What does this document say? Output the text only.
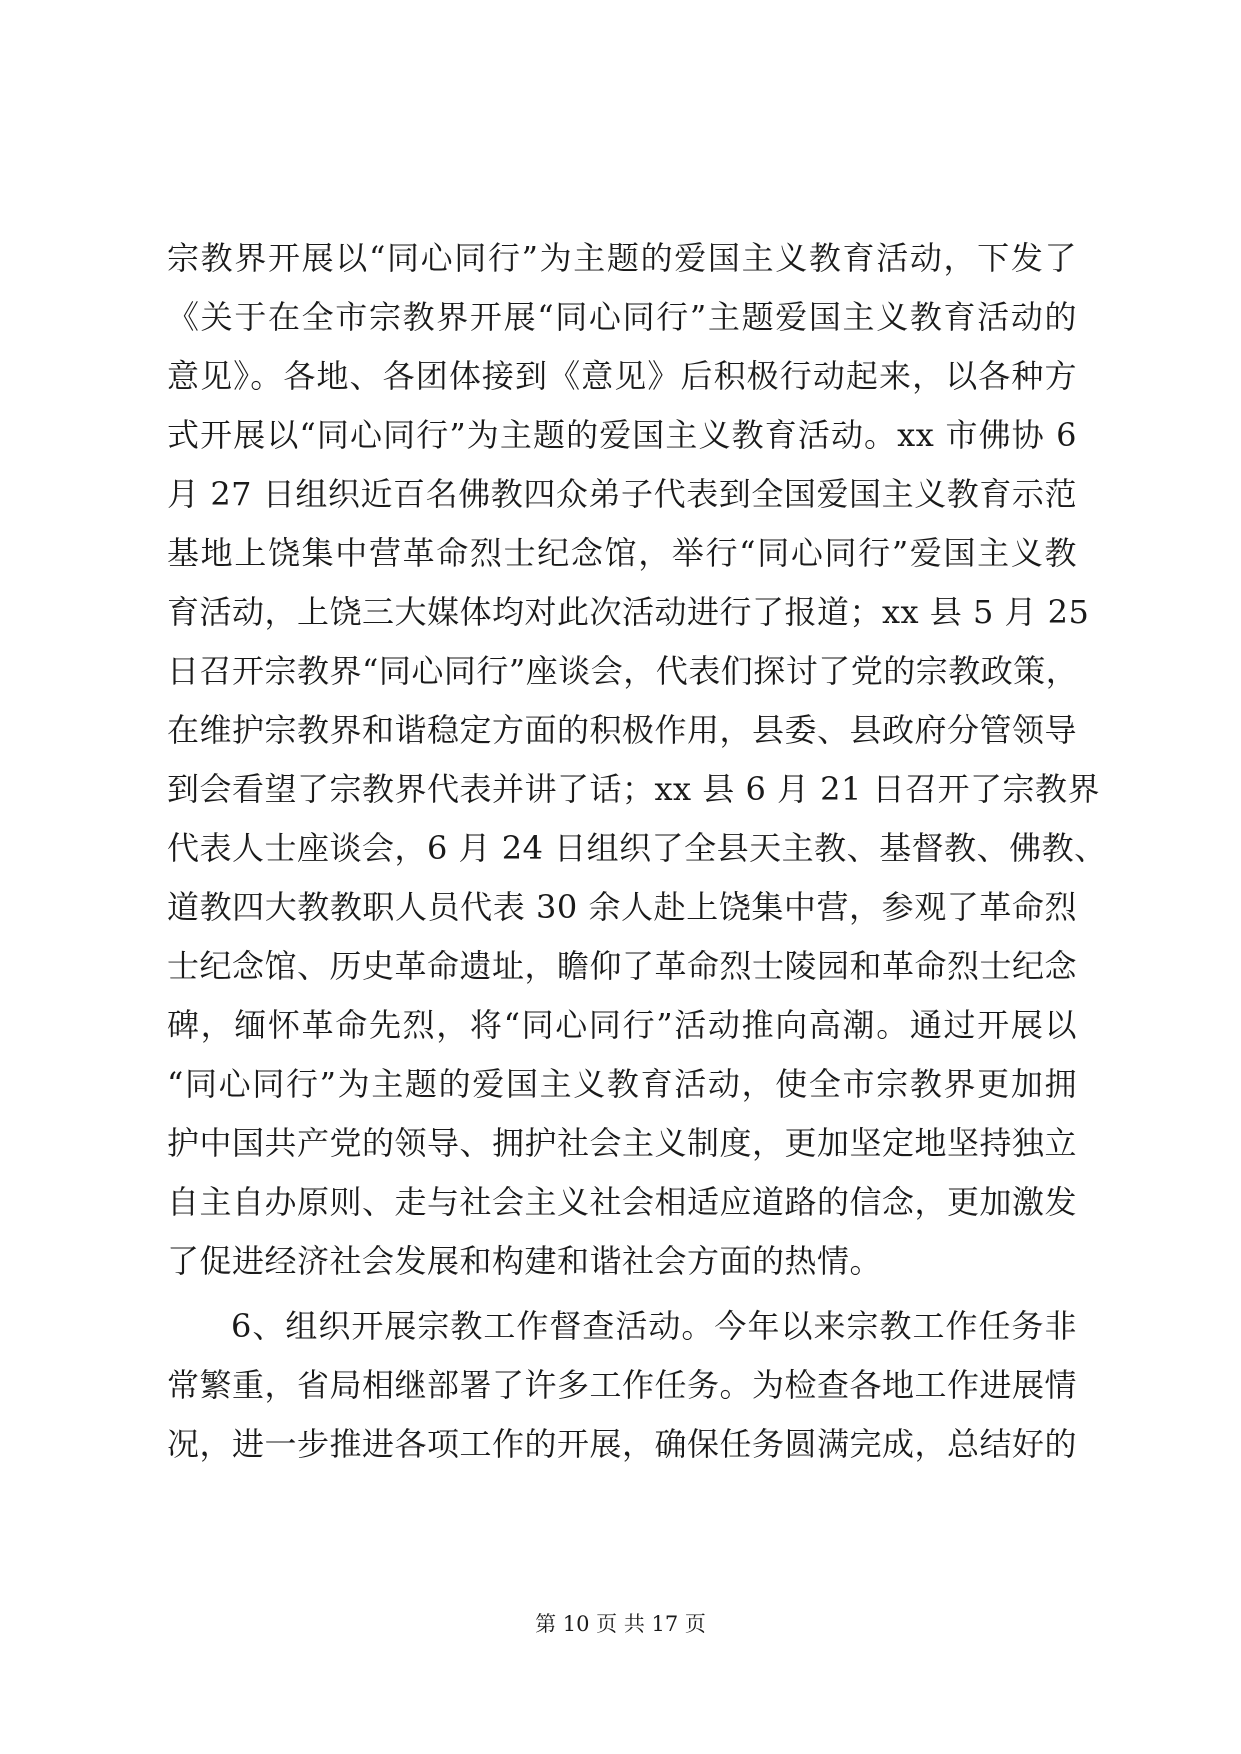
宗教界开展以“同心同行”为主题的爱国主义教育活动，下发了
《关于在全市宗教界开展“同心同行”主题爱国主义教育活动的
意见》。各地、各团体接到《意见》后积极行动起来，以各种方
式开展以“同心同行”为主题的爱国主义教育活动。xx 市佛协 6
月 27 日组织近百名佛教四众弟子代表到全国爱国主义教育示范
基地上饶集中营革命烈士纪念馆，举行“同心同行”爱国主义教
育活动，上饶三大媒体均对此次活动进行了报道；xx 县 5 月 25
日召开宗教界“同心同行”座谈会，代表们探讨了党的宗教政策，
在维护宗教界和谐稳定方面的积极作用，县委、县政府分管领导
到会看望了宗教界代表并讲了话；xx 县 6 月 21 日召开了宗教界
代表人士座谈会，6 月 24 日组织了全县天主教、基督教、佛教、
道教四大教教职人员代表 30 余人赴上饶集中营，参观了革命烈
士纪念馆、历史革命遗址，瞻仰了革命烈士陵园和革命烈士纪念
碑，缅怀革命先烈，将“同心同行”活动推向高潮。通过开展以
“同心同行”为主题的爱国主义教育活动，使全市宗教界更加拥
护中国共产党的领导、拥护社会主义制度，更加坚定地坚持独立
自主自办原则、走与社会主义社会相适应道路的信念，更加激发
了促进经济社会发展和构建和谐社会方面的热情。
6、组织开展宗教工作督查活动。今年以来宗教工作任务非
常繁重，省局相继部署了许多工作任务。为检查各地工作进展情
况，进一步推进各项工作的开展，确保任务圆满完成，总结好的
第 10 页 共 17 页
